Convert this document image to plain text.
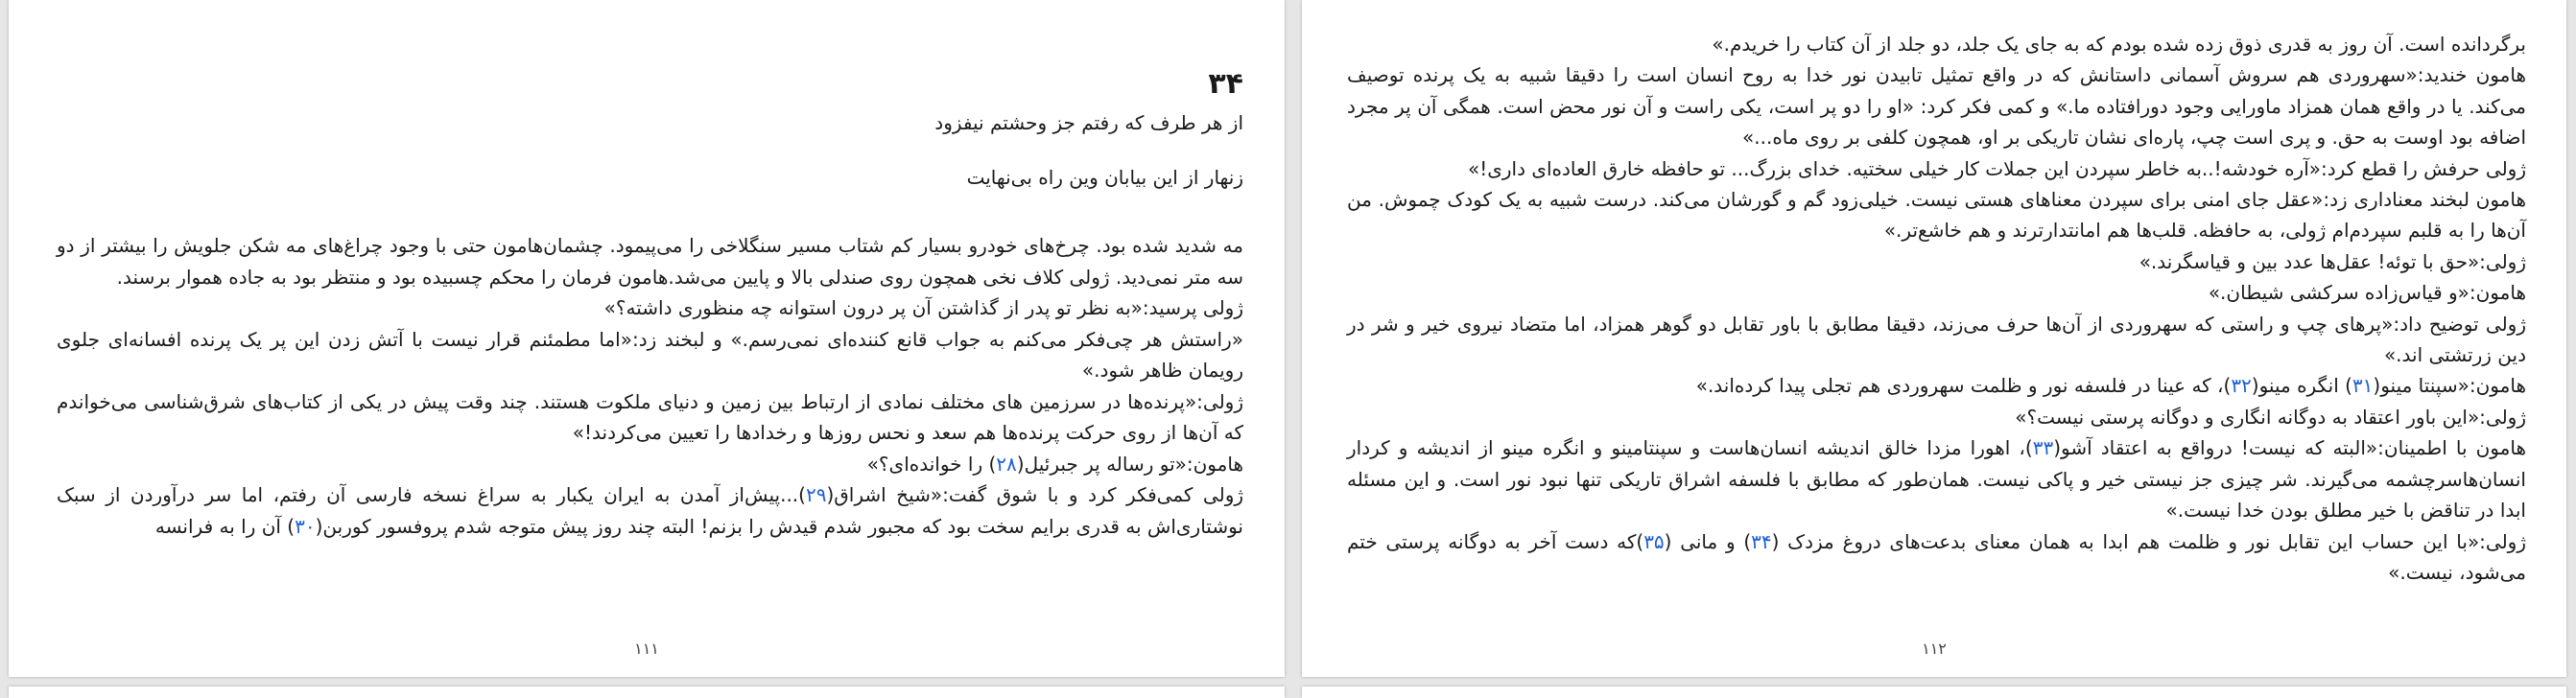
۳۴
از هر طرف که رفتم جز وحشتم نیفزود
زنهار از این بیابان وین راه بی‌نهایت

مه شدید شده بود. چرخ‌های خودرو بسیار کم شتاب مسیر سنگلاخی را می‌پیمود. چشمان‌هامون حتی با وجود چراغ‌های مه شکن جلویش را بیشتر از دو سه متر نمی‌دید. ژولی کلاف نخی همچون روی صندلی بالا و پایین می‌شد.هامون فرمان را محکم چسبیده بود و منتظر بود به جاده هموار برسند.

ژولی پرسید:«به نظر تو پدر از گذاشتن آن پر درون استوانه چه منظوری داشته؟»

«راستش هر چی‌فکر می‌کنم به جواب قانع کننده‌ای نمی‌رسم.» و لبخند زد:«اما مطمئنم قرار نیست با آتش زدن این پر یک پرنده افسانه‌ای جلوی رویمان ظاهر شود.»

ژولی:«پرنده‌ها در سرزمین های مختلف نمادی از ارتباط بین زمین و دنیای ملکوت هستند. چند وقت پیش در یکی از کتاب‌های شرق‌شناسی می‌خواندم که آن‌ها از روی حرکت پرنده‌ها هم سعد و نحس روزها و رخدادها را تعیین می‌کردند!»

هامون:«تو رساله پر جبرئیل(۲۸) را خوانده‌ای؟»

ژولی کمی‌فکر کرد و با شوق گفت:«شیخ اشراق(۲۹)...پیش‌از آمدن به ایران یکبار به سراغ نسخه فارسی آن رفتم، اما سر درآوردن از سبک نوشتاری‌اش به قدری برایم سخت بود که مجبور شدم قیدش را بزنم! البته چند روز پیش متوجه شدم پروفسور کوربن(۳۰) آن را به فرانسه

۱۱۱

برگردانده است. آن روز به قدری ذوق زده شده بودم که به جای یک جلد، دو جلد از آن کتاب را خریدم.»

هامون خندید:«سهروردی هم سروش آسمانی داستانش که در واقع تمثیل تابیدن نور خدا به روح انسان است را دقیقا شبیه به یک پرنده توصیف می‌کند. یا در واقع همان همزاد ماورایی وجود دورافتاده ما.» و کمی فکر کرد: «او را دو پر است، یکی راست و آن نور محض است. همگی آن پر مجرد اضافه بود اوست به حق. و پری است چپ، پاره‌ای نشان تاریکی بر او، همچون کلفی بر روی ماه...»

ژولی حرفش را قطع کرد:«آره خودشه!..به خاطر سپردن این جملات کار خیلی سختیه. خدای بزرگ... تو حافظه خارق العاده‌ای داری!»

هامون لبخند معناداری زد:«عقل جای امنی برای سپردن معناهای هستی نیست. خیلی‌زود گم و گورشان می‌کند. درست شبیه به یک کودک چموش. من آن‌ها را به قلبم سپردم‌ام ژولی، به حافظه. قلب‌ها هم امانتدارترند و هم خاشع‌تر.»

ژولی:«حق با توئه! عقل‌ها عدد بین و قیاسگرند.»

هامون:«و قیاس‌زاده سرکشی شیطان.»

ژولی توضیح داد:«پرهای چپ و راستی که سهروردی از آن‌ها حرف می‌زند، دقیقا مطابق با باور تقابل دو گوهر همزاد، اما متضاد نیروی خیر و شر در دین زرتشتی اند.»

هامون:«سپنتا مینو(۳۱) انگره مینو(۳۲)، که عینا در فلسفه نور و ظلمت سهروردی هم تجلی پیدا کرده‌اند.»

ژولی:«این باور اعتقاد به دوگانه انگاری و دوگانه پرستی نیست؟»

هامون با اطمینان:«البته که نیست! درواقع به اعتقاد آشو(۳۳)، اهورا مزدا خالق اندیشه انسان‌هاست و سپنتامینو و انگره مینو از اندیشه و کردار انسان‌هاسرچشمه می‌گیرند. شر چیزی جز نیستی خیر و پاکی نیست. همان‌طور که مطابق با فلسفه اشراق تاریکی تنها نبود نور است. و این مسئله ابدا در تناقض با خیر مطلق بودن خدا نیست.»

ژولی:«با این حساب این تقابل نور و ظلمت هم ابدا به همان معنای بدعت‌های دروغ مزدک (۳۴) و مانی (۳۵)که دست آخر به دوگانه پرستی ختم می‌شود، نیست.»

۱۱۲
